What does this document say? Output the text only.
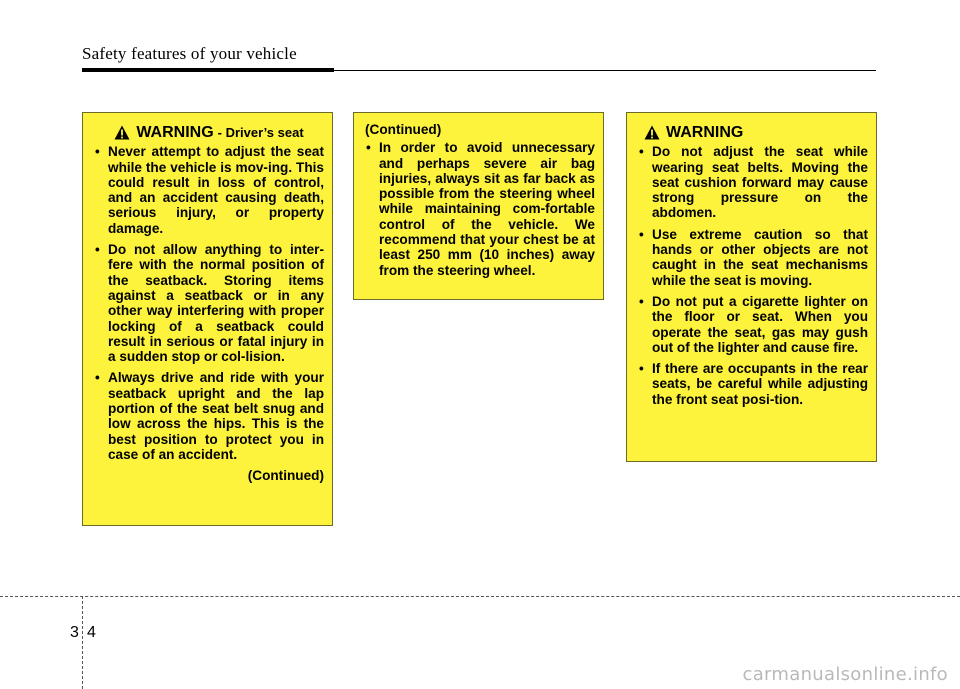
Safety features of your vehicle
WARNING - Driver’s seat
• Never attempt to adjust the seat while the vehicle is mov-ing. This could result in loss of control, and an accident causing death, serious injury, or property damage.
• Do not allow anything to inter-fere with the normal position of the seatback. Storing items against a seatback or in any other way interfering with proper locking of a seatback could result in serious or fatal injury in a sudden stop or col-lision.
• Always drive and ride with your seatback upright and the lap portion of the seat belt snug and low across the hips. This is the best position to protect you in case of an accident.
(Continued)
(Continued)
• In order to avoid unnecessary and perhaps severe air bag injuries, always sit as far back as possible from the steering wheel while maintaining com-fortable control of the vehicle. We recommend that your chest be at least 250 mm (10 inches) away from the steering wheel.
WARNING
• Do not adjust the seat while wearing seat belts. Moving the seat cushion forward may cause strong pressure on the abdomen.
• Use extreme caution so that hands or other objects are not caught in the seat mechanisms while the seat is moving.
• Do not put a cigarette lighter on the floor or seat. When you operate the seat, gas may gush out of the lighter and cause fire.
• If there are occupants in the rear seats, be careful while adjusting the front seat posi-tion.
3 4
carmanualsonline.info
